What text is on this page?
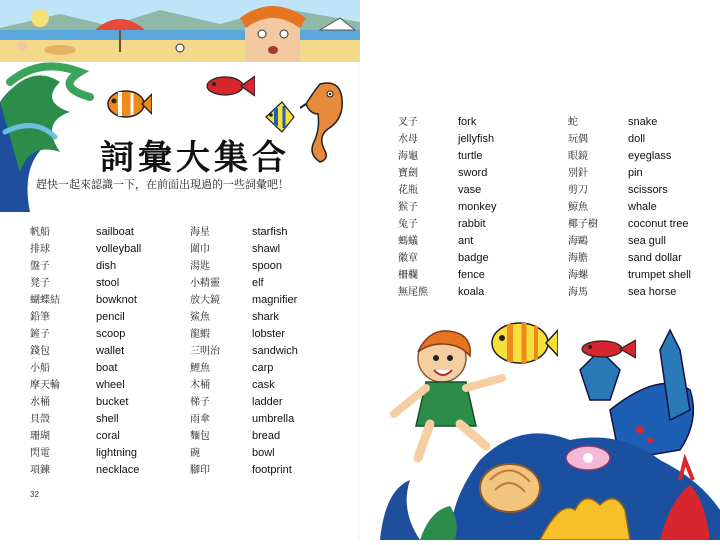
詞彙大集合
趕快一起來認識一下，在前面出現過的一些詞彙吧！
帆船	sailboat
排球	volleyball
盤子	dish
凳子	stool
蝴蝶結	bowknot
鉛筆	pencil
鏟子	scoop
錢包	wallet
小船	boat
摩天輪	wheel
水桶	bucket
貝殼	shell
珊瑚	coral
閃電	lightning
項鍊	necklace
海星	starfish
圍巾	shawl
湯匙	spoon
小精靈	elf
放大鏡	magnifier
鯊魚	shark
龍蝦	lobster
三明治	sandwich
鯉魚	carp
木桶	cask
梯子	ladder
雨傘	umbrella
麵包	bread
碗	bowl
腳印	footprint
32
叉子	fork
水母	jellyfish
海龜	turtle
寶劍	sword
花瓶	vase
猴子	monkey
兔子	rabbit
螞蟻	ant
徽章	badge
柵欄	fence
無尾熊	koala
蛇	snake
玩偶	doll
眼鏡	eyeglass
別針	pin
剪刀	scissors
鯨魚	whale
椰子樹	coconut tree
海鷗	sea gull
海膽	sand dollar
海螺	trumpet shell
海馬	sea horse
